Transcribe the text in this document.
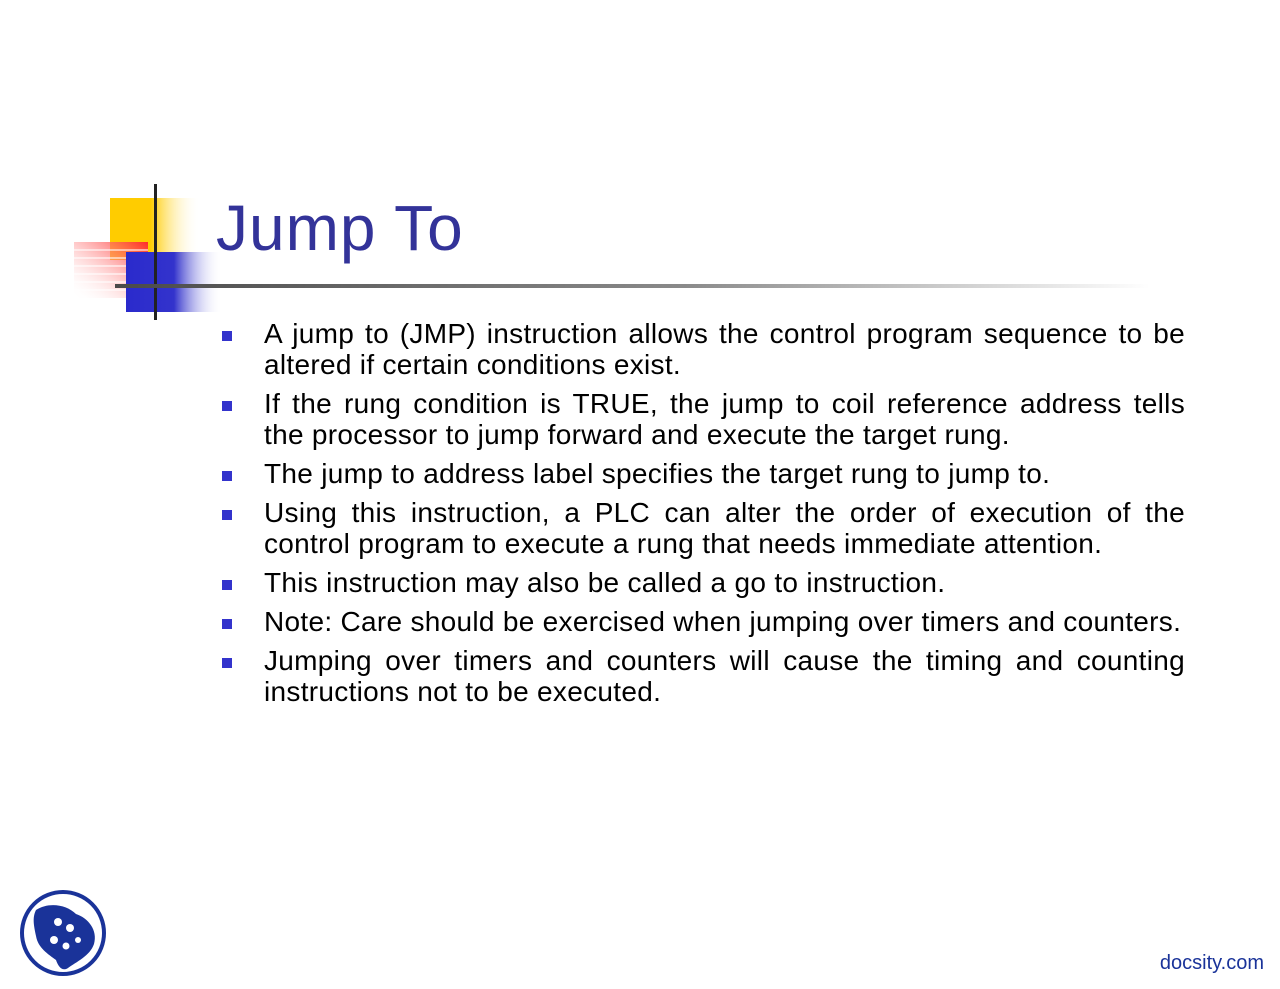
Jump To
A jump to (JMP) instruction allows the control program sequence to be altered if certain conditions exist.
If the rung condition is TRUE, the jump to coil reference address tells the processor to jump forward and execute the target rung.
The jump to address label specifies the target rung to jump to.
Using this instruction, a PLC can alter the order of execution of the control program to execute a rung that needs immediate attention.
This instruction may also be called a go to instruction.
Note: Care should be exercised when jumping over timers and counters.
Jumping over timers and counters will cause the timing and counting instructions not to be executed.
docsity.com
